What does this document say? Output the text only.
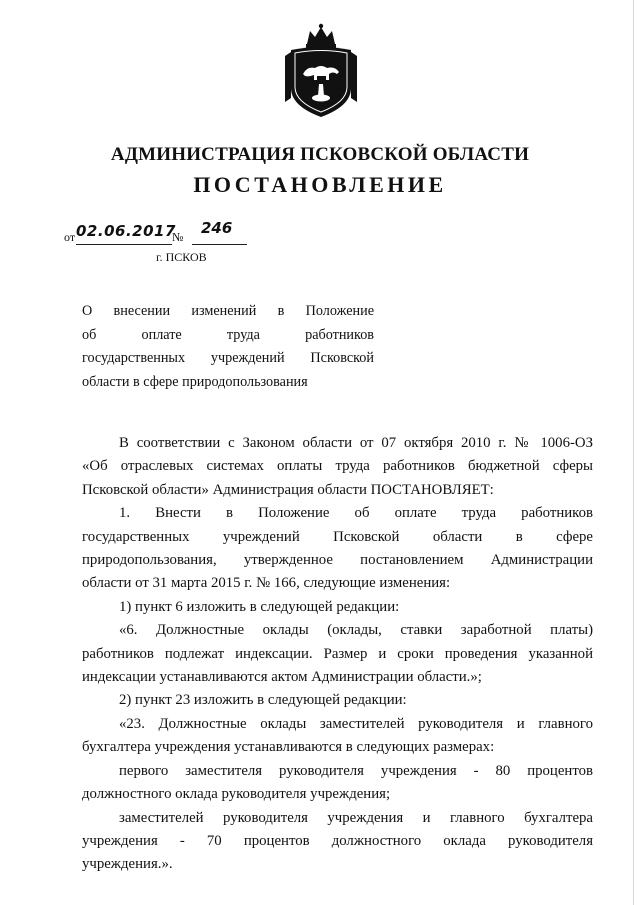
АДМИНИСТРАЦИЯ ПСКОВСКОЙ ОБЛАСТИ
ПОСТАНОВЛЕНИЕ
от 02.06.2017
№ 246
г. ПСКОВ
О внесении изменений в Положение
об оплате труда работников
государственных учреждений Псковской
области в сфере природопользования
В соответствии с Законом области от 07 октября 2010 г. № 1006-ОЗ
«Об отраслевых системах оплаты труда работников бюджетной сферы
Псковской области» Администрация области ПОСТАНОВЛЯЕТ:
1. Внести в Положение об оплате труда работников
государственных учреждений Псковской области в сфере
природопользования, утвержденное постановлением Администрации
области от 31 марта 2015 г. № 166, следующие изменения:
1) пункт 6 изложить в следующей редакции:
«6. Должностные оклады (оклады, ставки заработной платы)
работников подлежат индексации. Размер и сроки проведения указанной
индексации устанавливаются актом Администрации области.»;
2) пункт 23 изложить в следующей редакции:
«23. Должностные оклады заместителей руководителя и главного
бухгалтера учреждения устанавливаются в следующих размерах:
первого заместителя руководителя учреждения - 80 процентов
должностного оклада руководителя учреждения;
заместителей руководителя учреждения и главного бухгалтера
учреждения - 70 процентов должностного оклада руководителя
учреждения.».
